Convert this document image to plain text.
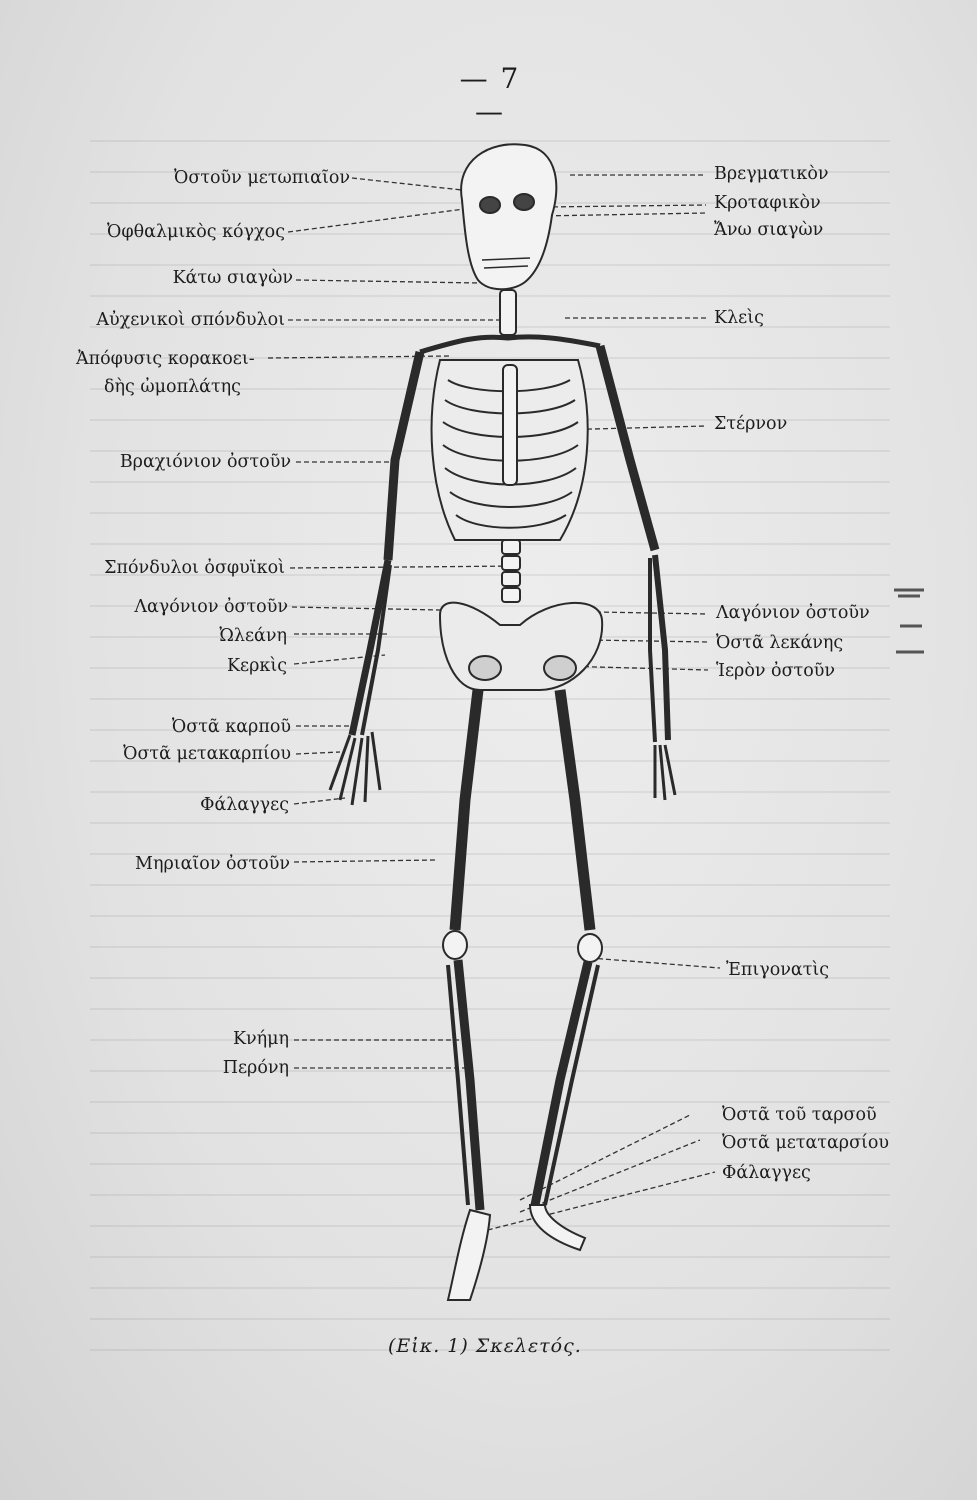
— 7 —
Ὀστοῦν μετωπιαῖον
Ὀφθαλμικὸς κόγχος
Κάτω σιαγὼν
Αὐχενικοὶ σπόνδυλοι
Ἀπόφυσις κορακοει-
δὴς ὠμοπλάτης
Βραχιόνιον ὀστοῦν
Σπόνδυλοι ὀσφυϊκοὶ
Λαγόνιον ὀστοῦν
Ὠλεάνη
Κερκὶς
Ὀστᾶ καρποῦ
Ὀστᾶ μετακαρπίου
Φάλαγγες
Μηριαῖον ὀστοῦν
Κνήμη
Περόνη
Βρεγματικὸν
Κροταφικὸν
Ἄνω σιαγὼν
Κλεὶς
Στέρνον
Λαγόνιον ὀστοῦν
Ὀστᾶ λεκάνης
Ἱερὸν ὀστοῦν
Ἐπιγονατὶς
Ὀστᾶ τοῦ ταρσοῦ
Ὀστᾶ μεταταρσίου
Φάλαγγες
(Εἰκ. 1) Σκελετός.
